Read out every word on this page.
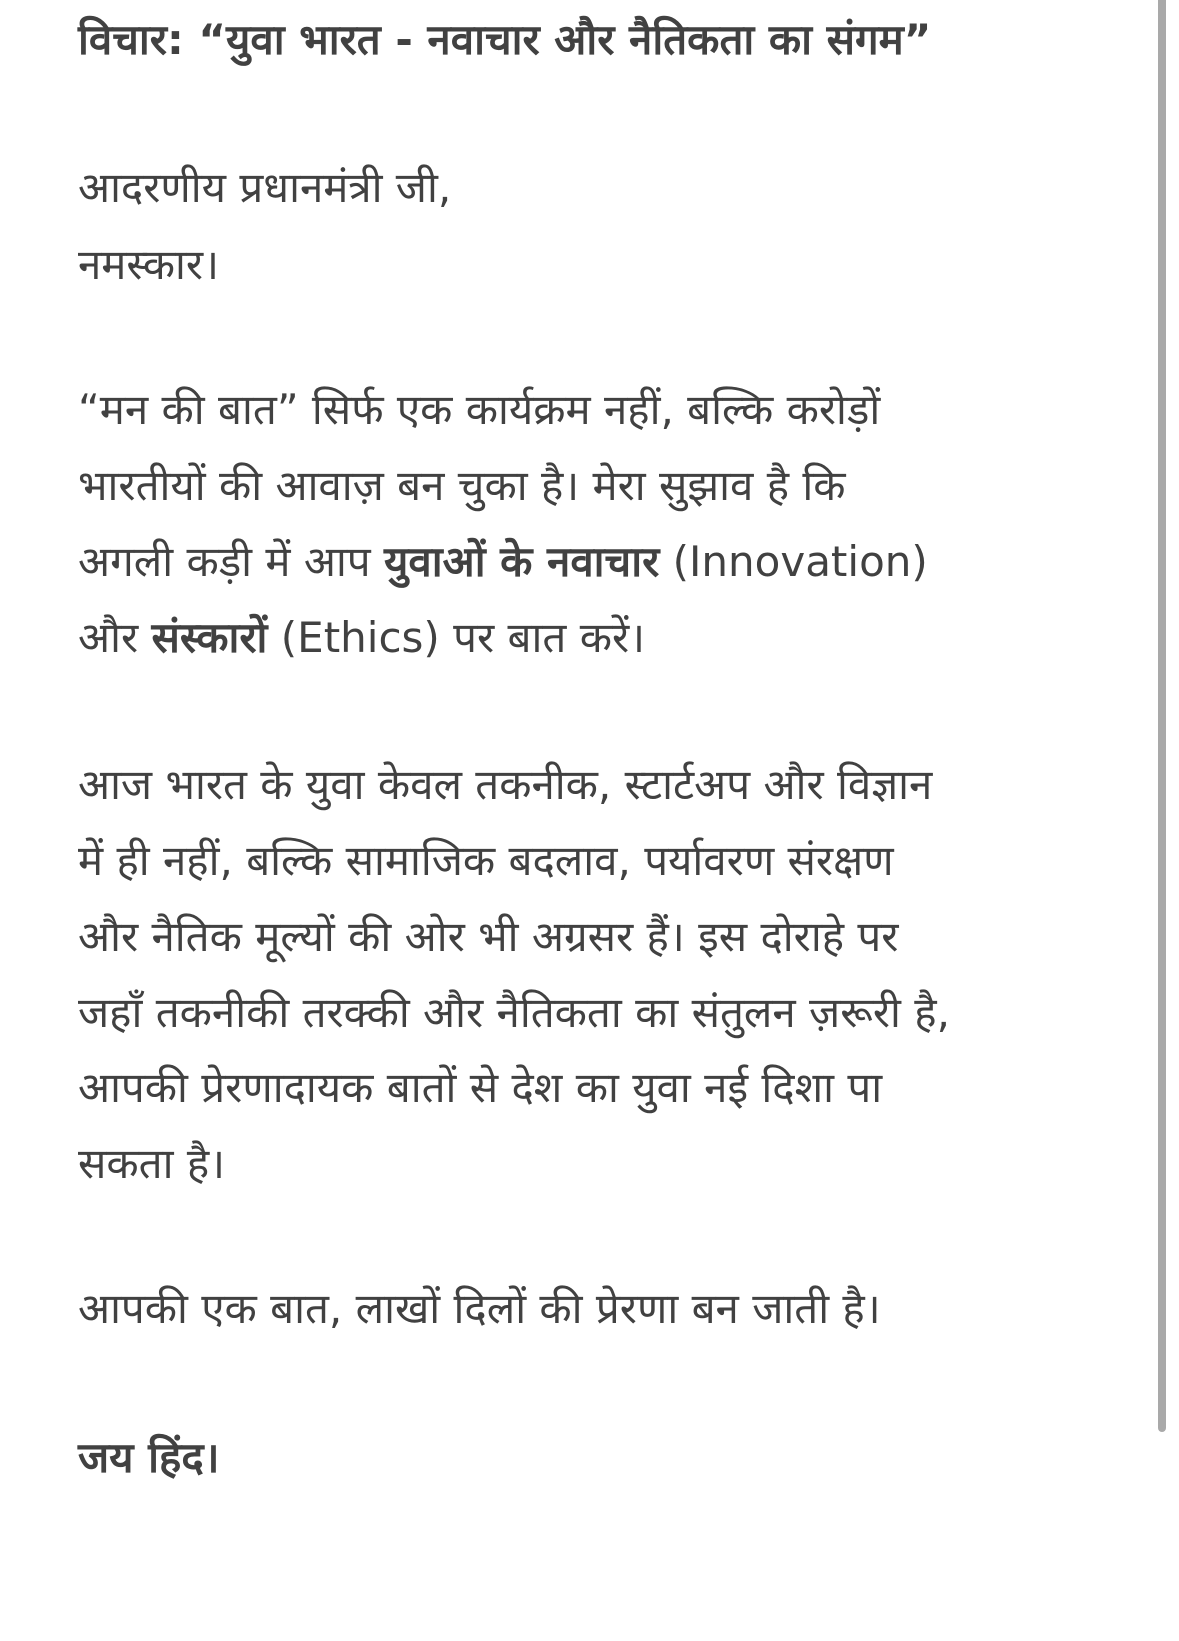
विचार: “युवा भारत - नवाचार और नैतिकता का संगम”
आदरणीय प्रधानमंत्री जी,
नमस्कार।
“मन की बात” सिर्फ एक कार्यक्रम नहीं, बल्कि करोड़ों
भारतीयों की आवाज़ बन चुका है। मेरा सुझाव है कि
अगली कड़ी में आप युवाओं के नवाचार (Innovation)
और संस्कारों (Ethics) पर बात करें।
आज भारत के युवा केवल तकनीक, स्टार्टअप और विज्ञान
में ही नहीं, बल्कि सामाजिक बदलाव, पर्यावरण संरक्षण
और नैतिक मूल्यों की ओर भी अग्रसर हैं। इस दोराहे पर
जहाँ तकनीकी तरक्की और नैतिकता का संतुलन ज़रूरी है,
आपकी प्रेरणादायक बातों से देश का युवा नई दिशा पा
सकता है।
आपकी एक बात, लाखों दिलों की प्रेरणा बन जाती है।
जय हिंद।
